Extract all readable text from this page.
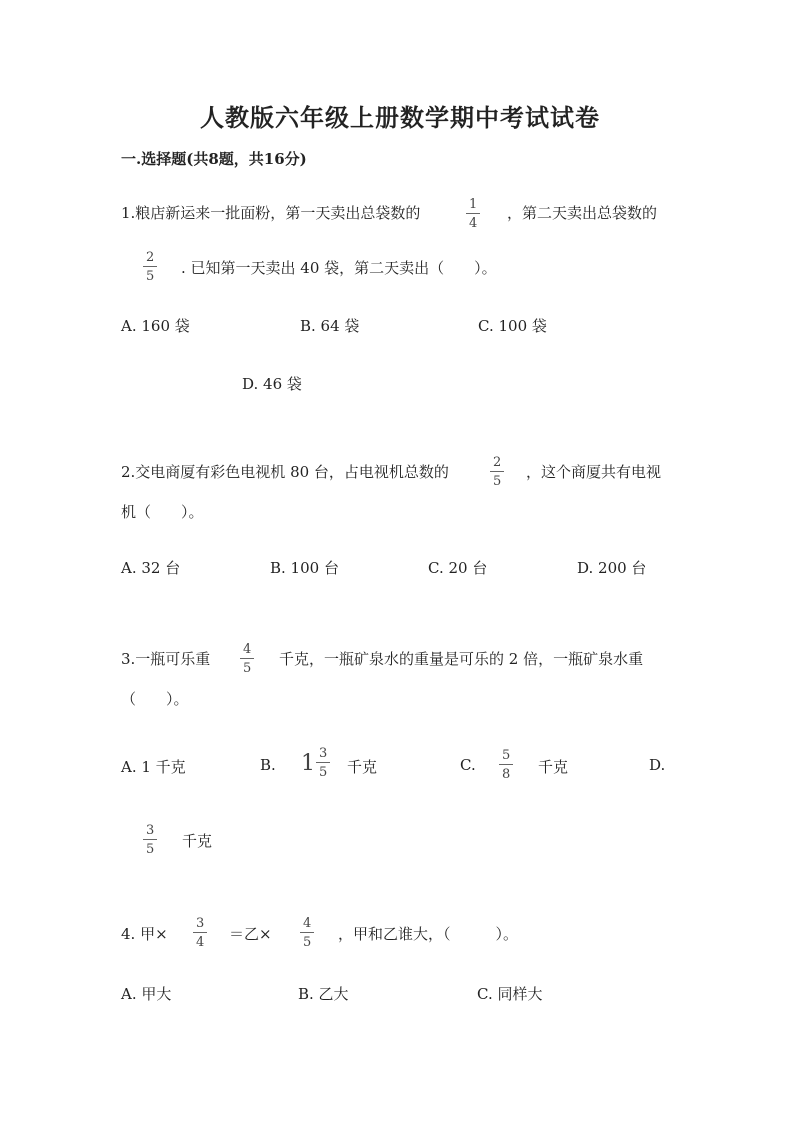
人教版六年级上册数学期中考试试卷
一.选择题(共8题，共16分)
1.粮店新运来一批面粉，第一天卖出总袋数的	$\frac{1}{4}$ ，第二天卖出总袋数的
$\frac{2}{5}$ . 已知第一天卖出 40 袋，第二天卖出（　　）。
A. 160 袋	B. 64 袋	C. 100 袋
D. 46 袋
2.交电商厦有彩色电视机 80 台，占电视机总数的	$\frac{2}{5}$ ，这个商厦共有电视
机（　　）。
A. 32 台	B. 100 台	C. 20 台	D. 200 台
3.一瓶可乐重 $\frac{4}{5}$ 千克，一瓶矿泉水的重量是可乐的 2 倍，一瓶矿泉水重
（　　）。
A. 1 千克	B. $1 \frac{3}{5}$ 千克	C. $\frac{5}{8}$ 千克	D.
$\frac{3}{5}$ 千克
4. 甲× $\frac{3}{4}$ ＝乙× $\frac{4}{5}$ ，甲和乙谁大，（　　　）。
A. 甲大	B. 乙大	C. 同样大
